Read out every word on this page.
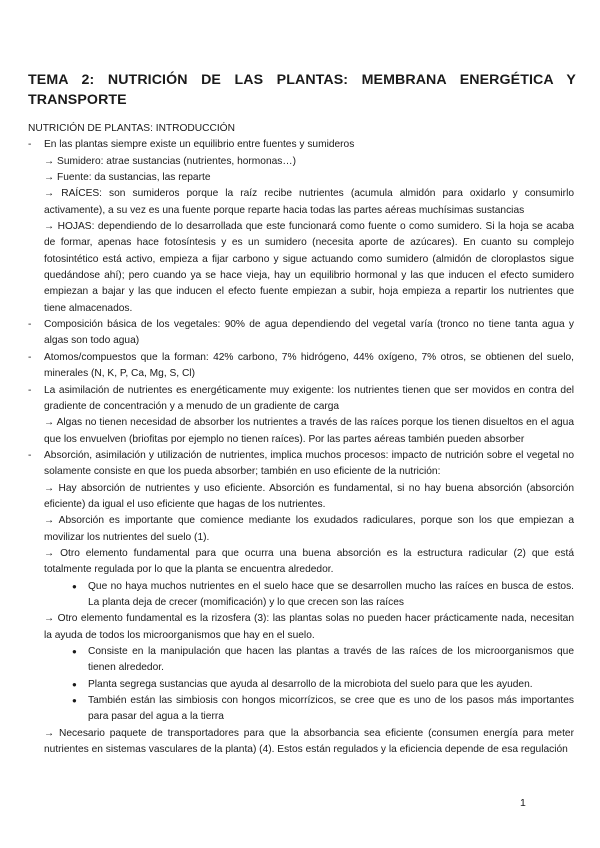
TEMA 2: NUTRICIÓN DE LAS PLANTAS: MEMBRANA ENERGÉTICA Y TRANSPORTE
NUTRICIÓN DE PLANTAS: INTRODUCCIÓN
- En las plantas siempre existe un equilibrio entre fuentes y sumideros

→ Sumidero: atrae sustancias (nutrientes, hormonas…)

→ Fuente: da sustancias, las reparte

→ RAÍCES: son sumideros porque la raíz recibe nutrientes (acumula almidón para oxidarlo y consumirlo activamente), a su vez es una fuente porque reparte hacia todas las partes aéreas muchísimas sustancias

→ HOJAS: dependiendo de lo desarrollada que este funcionará como fuente o como sumidero. Si la hoja se acaba de formar, apenas hace fotosíntesis y es un sumidero (necesita aporte de azúcares). En cuanto su complejo fotosintético está activo, empieza a fijar carbono y sigue actuando como sumidero (almidón de cloroplastos sigue quedándose ahí); pero cuando ya se hace vieja, hay un equilibrio hormonal y las que inducen el efecto sumidero empiezan a bajar y las que inducen el efecto fuente empiezan a subir, hoja empieza a repartir los nutrientes que tiene almacenados.

- Composición básica de los vegetales: 90% de agua dependiendo del vegetal varía (tronco no tiene tanta agua y algas son todo agua)
- Atomos/compuestos que la forman: 42% carbono, 7% hidrógeno, 44% oxígeno, 7% otros, se obtienen del suelo, minerales (N, K, P, Ca, Mg, S, Cl)
- La asimilación de nutrientes es energéticamente muy exigente: los nutrientes tienen que ser movidos en contra del gradiente de concentración y a menudo de un gradiente de carga

→ Algas no tienen necesidad de absorber los nutrientes a través de las raíces porque los tienen disueltos en el agua que los envuelven (briofitas por ejemplo no tienen raíces). Por las partes aéreas también pueden absorber

- Absorción, asimilación y utilización de nutrientes, implica muchos procesos: impacto de nutrición sobre el vegetal no solamente consiste en que los pueda absorber; también en uso eficiente de la nutrición:

→ Hay absorción de nutrientes y uso eficiente. Absorción es fundamental, si no hay buena absorción (absorción eficiente) da igual el uso eficiente que hagas de los nutrientes.

→ Absorción es importante que comience mediante los exudados radiculares, porque son los que empiezan a movilizar los nutrientes del suelo (1).

→ Otro elemento fundamental para que ocurra una buena absorción es la estructura radicular (2) que está totalmente regulada por lo que la planta se encuentra alrededor.

● Que no haya muchos nutrientes en el suelo hace que se desarrollen mucho las raíces en busca de estos. La planta deja de crecer (momificación) y lo que crecen son las raíces

→ Otro elemento fundamental es la rizosfera (3): las plantas solas no pueden hacer prácticamente nada, necesitan la ayuda de todos los microorganismos que hay en el suelo.

● Consiste en la manipulación que hacen las plantas a través de las raíces de los microorganismos que tienen alrededor.
● Planta segrega sustancias que ayuda al desarrollo de la microbiota del suelo para que les ayuden.
● También están las simbiosis con hongos micorrízicos, se cree que es uno de los pasos más importantes para pasar del agua a la tierra

→ Necesario paquete de transportadores para que la absorbancia sea eficiente (consumen energía para meter nutrientes en sistemas vasculares de la planta) (4). Estos están regulados y la eficiencia depende de esa regulación

1
